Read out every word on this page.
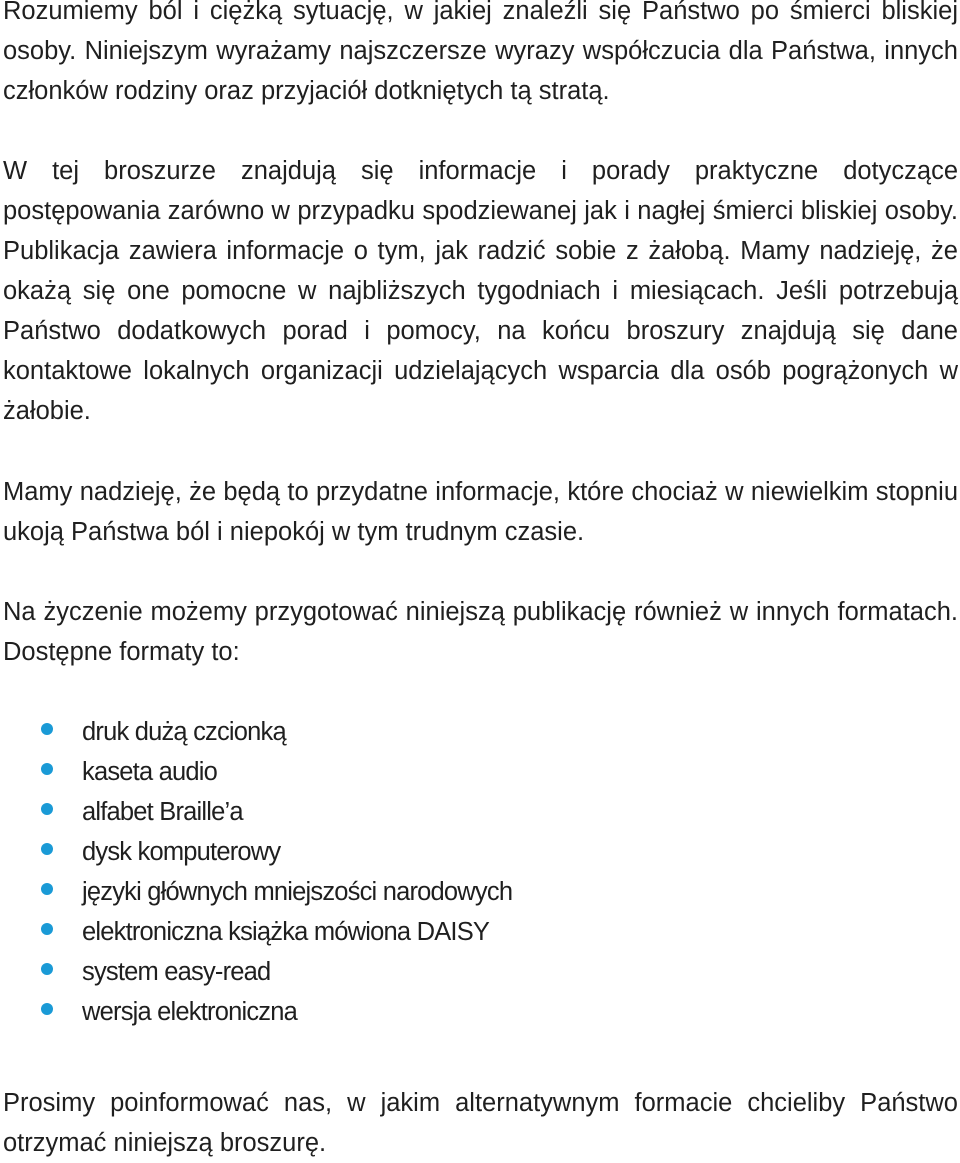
Rozumiemy ból i ciężką sytuację, w jakiej znaleźli się Państwo po śmierci bliskiej osoby. Niniejszym wyrażamy najszczersze wyrazy współczucia dla Państwa, innych członków rodziny oraz przyjaciół dotkniętych tą stratą.

W tej broszurze znajdują się informacje i porady praktyczne dotyczące postępowania zarówno w przypadku spodziewanej jak i nagłej śmierci bliskiej osoby. Publikacja zawiera informacje o tym, jak radzić sobie z żałobą. Mamy nadzieję, że okażą się one pomocne w najbliższych tygodniach i miesiącach. Jeśli potrzebują Państwo dodatkowych porad i pomocy, na końcu broszury znajdują się dane kontaktowe lokalnych organizacji udzielających wsparcia dla osób pogrążonych w żałobie.

Mamy nadzieję, że będą to przydatne informacje, które chociaż w niewielkim stopniu ukoją Państwa ból i niepokój w tym trudnym czasie.

Na życzenie możemy przygotować niniejszą publikację również w innych formatach. Dostępne formaty to:

druk dużą czcionką
kaseta audio
alfabet Braille’a
dysk komputerowy
języki głównych mniejszości narodowych
elektroniczna książka mówiona DAISY
system easy-read
wersja elektroniczna

Prosimy poinformować nas, w jakim alternatywnym formacie chcieliby Państwo otrzymać niniejszą broszurę.
